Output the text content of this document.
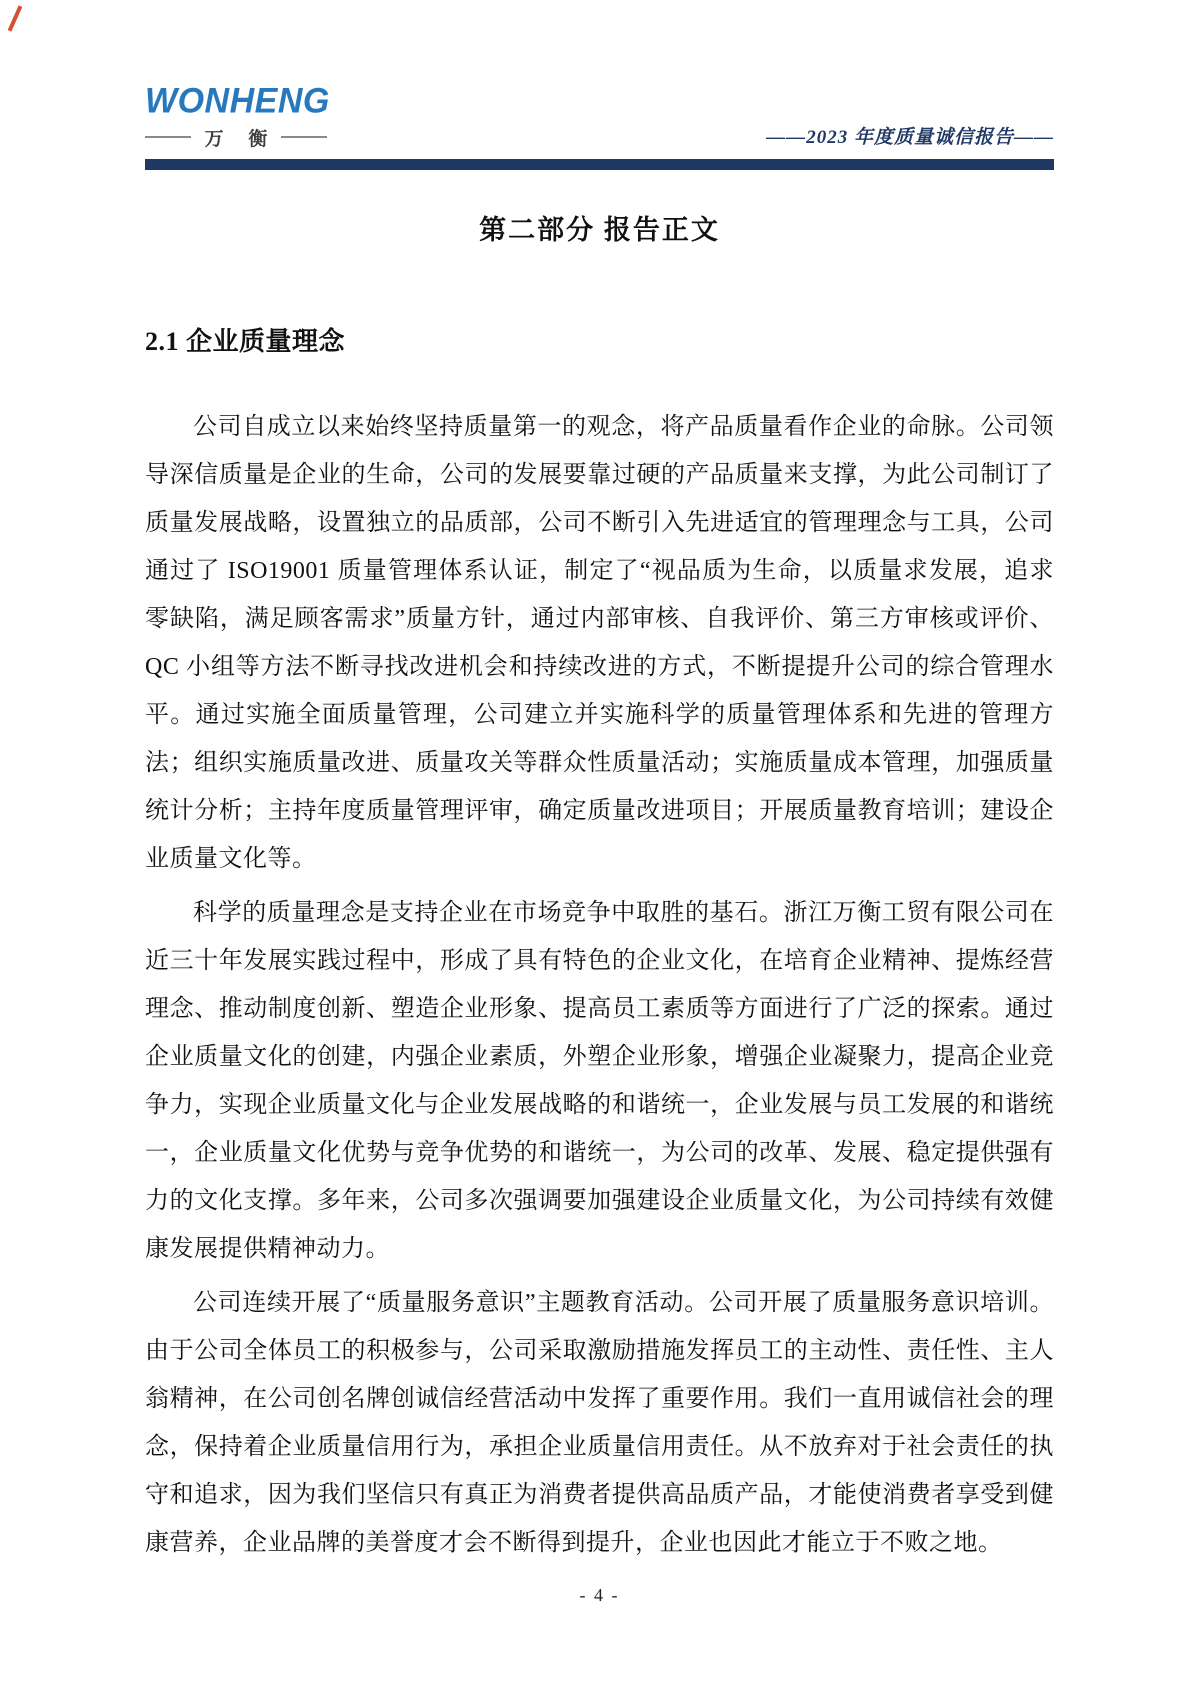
WONHENG
万 衡	——2023 年度质量诚信报告——
第二部分 报告正文
2.1 企业质量理念

公司自成立以来始终坚持质量第一的观念，将产品质量看作企业的命脉。公司领导深信质量是企业的生命，公司的发展要靠过硬的产品质量来支撑，为此公司制订了质量发展战略，设置独立的品质部，公司不断引入先进适宜的管理理念与工具，公司通过了 ISO19001 质量管理体系认证，制定了“视品质为生命，以质量求发展，追求零缺陷，满足顾客需求”质量方针，通过内部审核、自我评价、第三方审核或评价、QC 小组等方法不断寻找改进机会和持续改进的方式，不断提提升公司的综合管理水平。通过实施全面质量管理，公司建立并实施科学的质量管理体系和先进的管理方法；组织实施质量改进、质量攻关等群众性质量活动；实施质量成本管理，加强质量统计分析；主持年度质量管理评审，确定质量改进项目；开展质量教育培训；建设企业质量文化等。

科学的质量理念是支持企业在市场竞争中取胜的基石。浙江万衡工贸有限公司在近三十年发展实践过程中，形成了具有特色的企业文化，在培育企业精神、提炼经营理念、推动制度创新、塑造企业形象、提高员工素质等方面进行了广泛的探索。通过企业质量文化的创建，内强企业素质，外塑企业形象，增强企业凝聚力，提高企业竞争力，实现企业质量文化与企业发展战略的和谐统一，企业发展与员工发展的和谐统一，企业质量文化优势与竞争优势的和谐统一，为公司的改革、发展、稳定提供强有力的文化支撑。多年来，公司多次强调要加强建设企业质量文化，为公司持续有效健康发展提供精神动力。

公司连续开展了“质量服务意识”主题教育活动。公司开展了质量服务意识培训。由于公司全体员工的积极参与，公司采取激励措施发挥员工的主动性、责任性、主人翁精神，在公司创名牌创诚信经营活动中发挥了重要作用。我们一直用诚信社会的理念，保持着企业质量信用行为，承担企业质量信用责任。从不放弃对于社会责任的执守和追求，因为我们坚信只有真正为消费者提供高品质产品，才能使消费者享受到健康营养，企业品牌的美誉度才会不断得到提升，企业也因此才能立于不败之地。

- 4 -
